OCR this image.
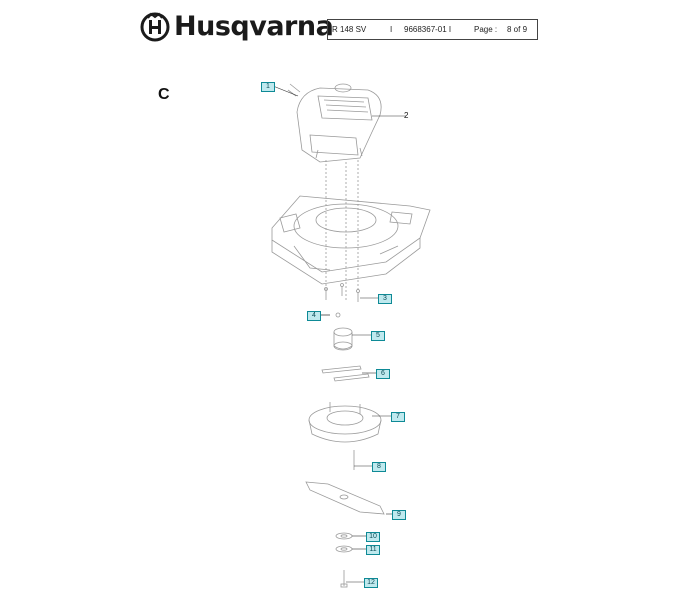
Husqvarna
R 148 SV	I 9668367-01 I	Page : 8 of 9
C	1
2
3
4
5
6
7
8
9
10
11
12
